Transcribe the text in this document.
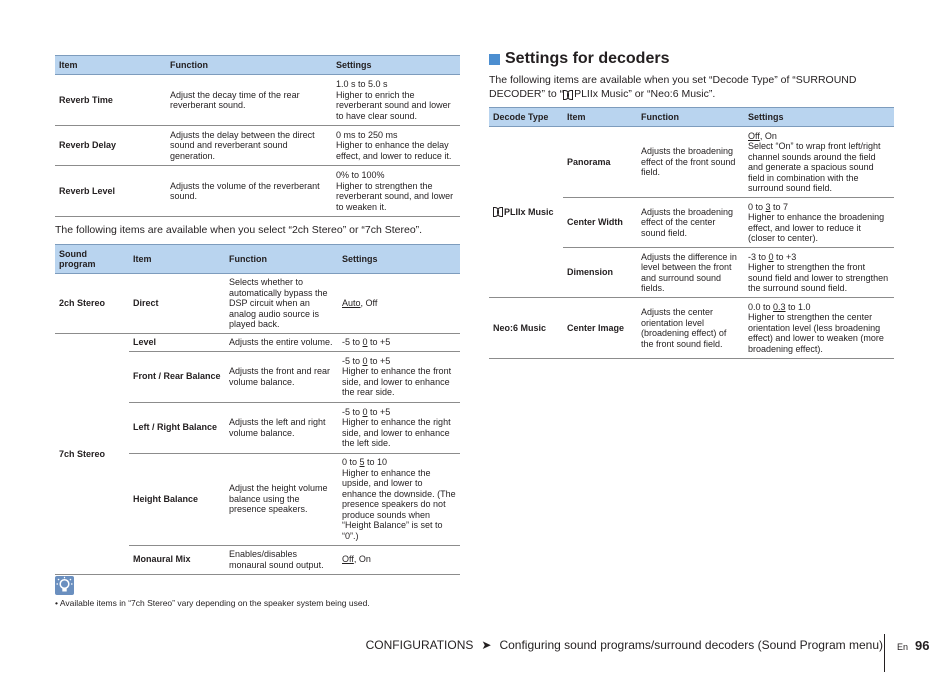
Item	Function	Settings
Reverb Time	Adjust the decay time of the rear reverberant sound.	1.0 s to 5.0 s
Higher to enrich the reverberant sound and lower to have clear sound.

Reverb Delay	Adjusts the delay between the direct sound and reverberant sound generation.	0 ms to 250 ms
Higher to enhance the delay effect, and lower to reduce it.

Reverb Level	Adjusts the volume of the reverberant sound.	0% to 100%
Higher to strengthen the reverberant sound, and lower to weaken it.
The following items are available when you select “2ch Stereo” or “7ch Stereo”.
Sound program	Item	Function	Settings
2ch Stereo	Direct	Selects whether to automatically bypass the DSP circuit when an analog audio source is played back.	Auto, Off
7ch Stereo	Level	Adjusts the entire volume.	-5 to 0 to +5
	Front / Rear Balance	Adjusts the front and rear volume balance.	-5 to 0 to +5
Higher to enhance the front side, and lower to enhance the rear side.

	Left / Right Balance	Adjusts the left and right volume balance.	-5 to 0 to +5
Higher to enhance the right side, and lower to enhance the left side.

	Height Balance	Adjust the height volume balance using the presence speakers.	0 to 5 to 10
Higher to enhance the upside, and lower to enhance the downside. (The presence speakers do not produce sounds when “Height Balance” is set to “0”.)

	Monaural Mix	Enables/disables monaural sound output.	Off, On
• Available items in “7ch Stereo” vary depending on the speaker system being used.
Settings for decoders
The following items are available when you set “Decode Type” of “SURROUND DECODER” to “ PLIIx Music” or “Neo:6 Music”.
Decode Type	Item	Function	Settings
PLIIx Music	Panorama	Adjusts the broadening effect of the front sound field.	Off, On
Select “On” to wrap front left/right channel sounds around the field and generate a spacious sound field in combination with the surround sound field.

	Center Width	Adjusts the broadening effect of the center sound field.	0 to 3 to 7
Higher to enhance the broadening effect, and lower to reduce it (closer to center).

	Dimension	Adjusts the difference in level between the front and surround sound fields.	-3 to 0 to +3
Higher to strengthen the front sound field and lower to strengthen the surround sound field.

Neo:6 Music	Center Image	Adjusts the center orientation level (broadening effect) of the front sound field.	0.0 to 0.3 to 1.0
Higher to strengthen the center orientation level (less broadening effect) and lower to weaken (more broadening effect).
CONFIGURATIONS ➤ Configuring sound programs/surround decoders (Sound Program menu) En 96
